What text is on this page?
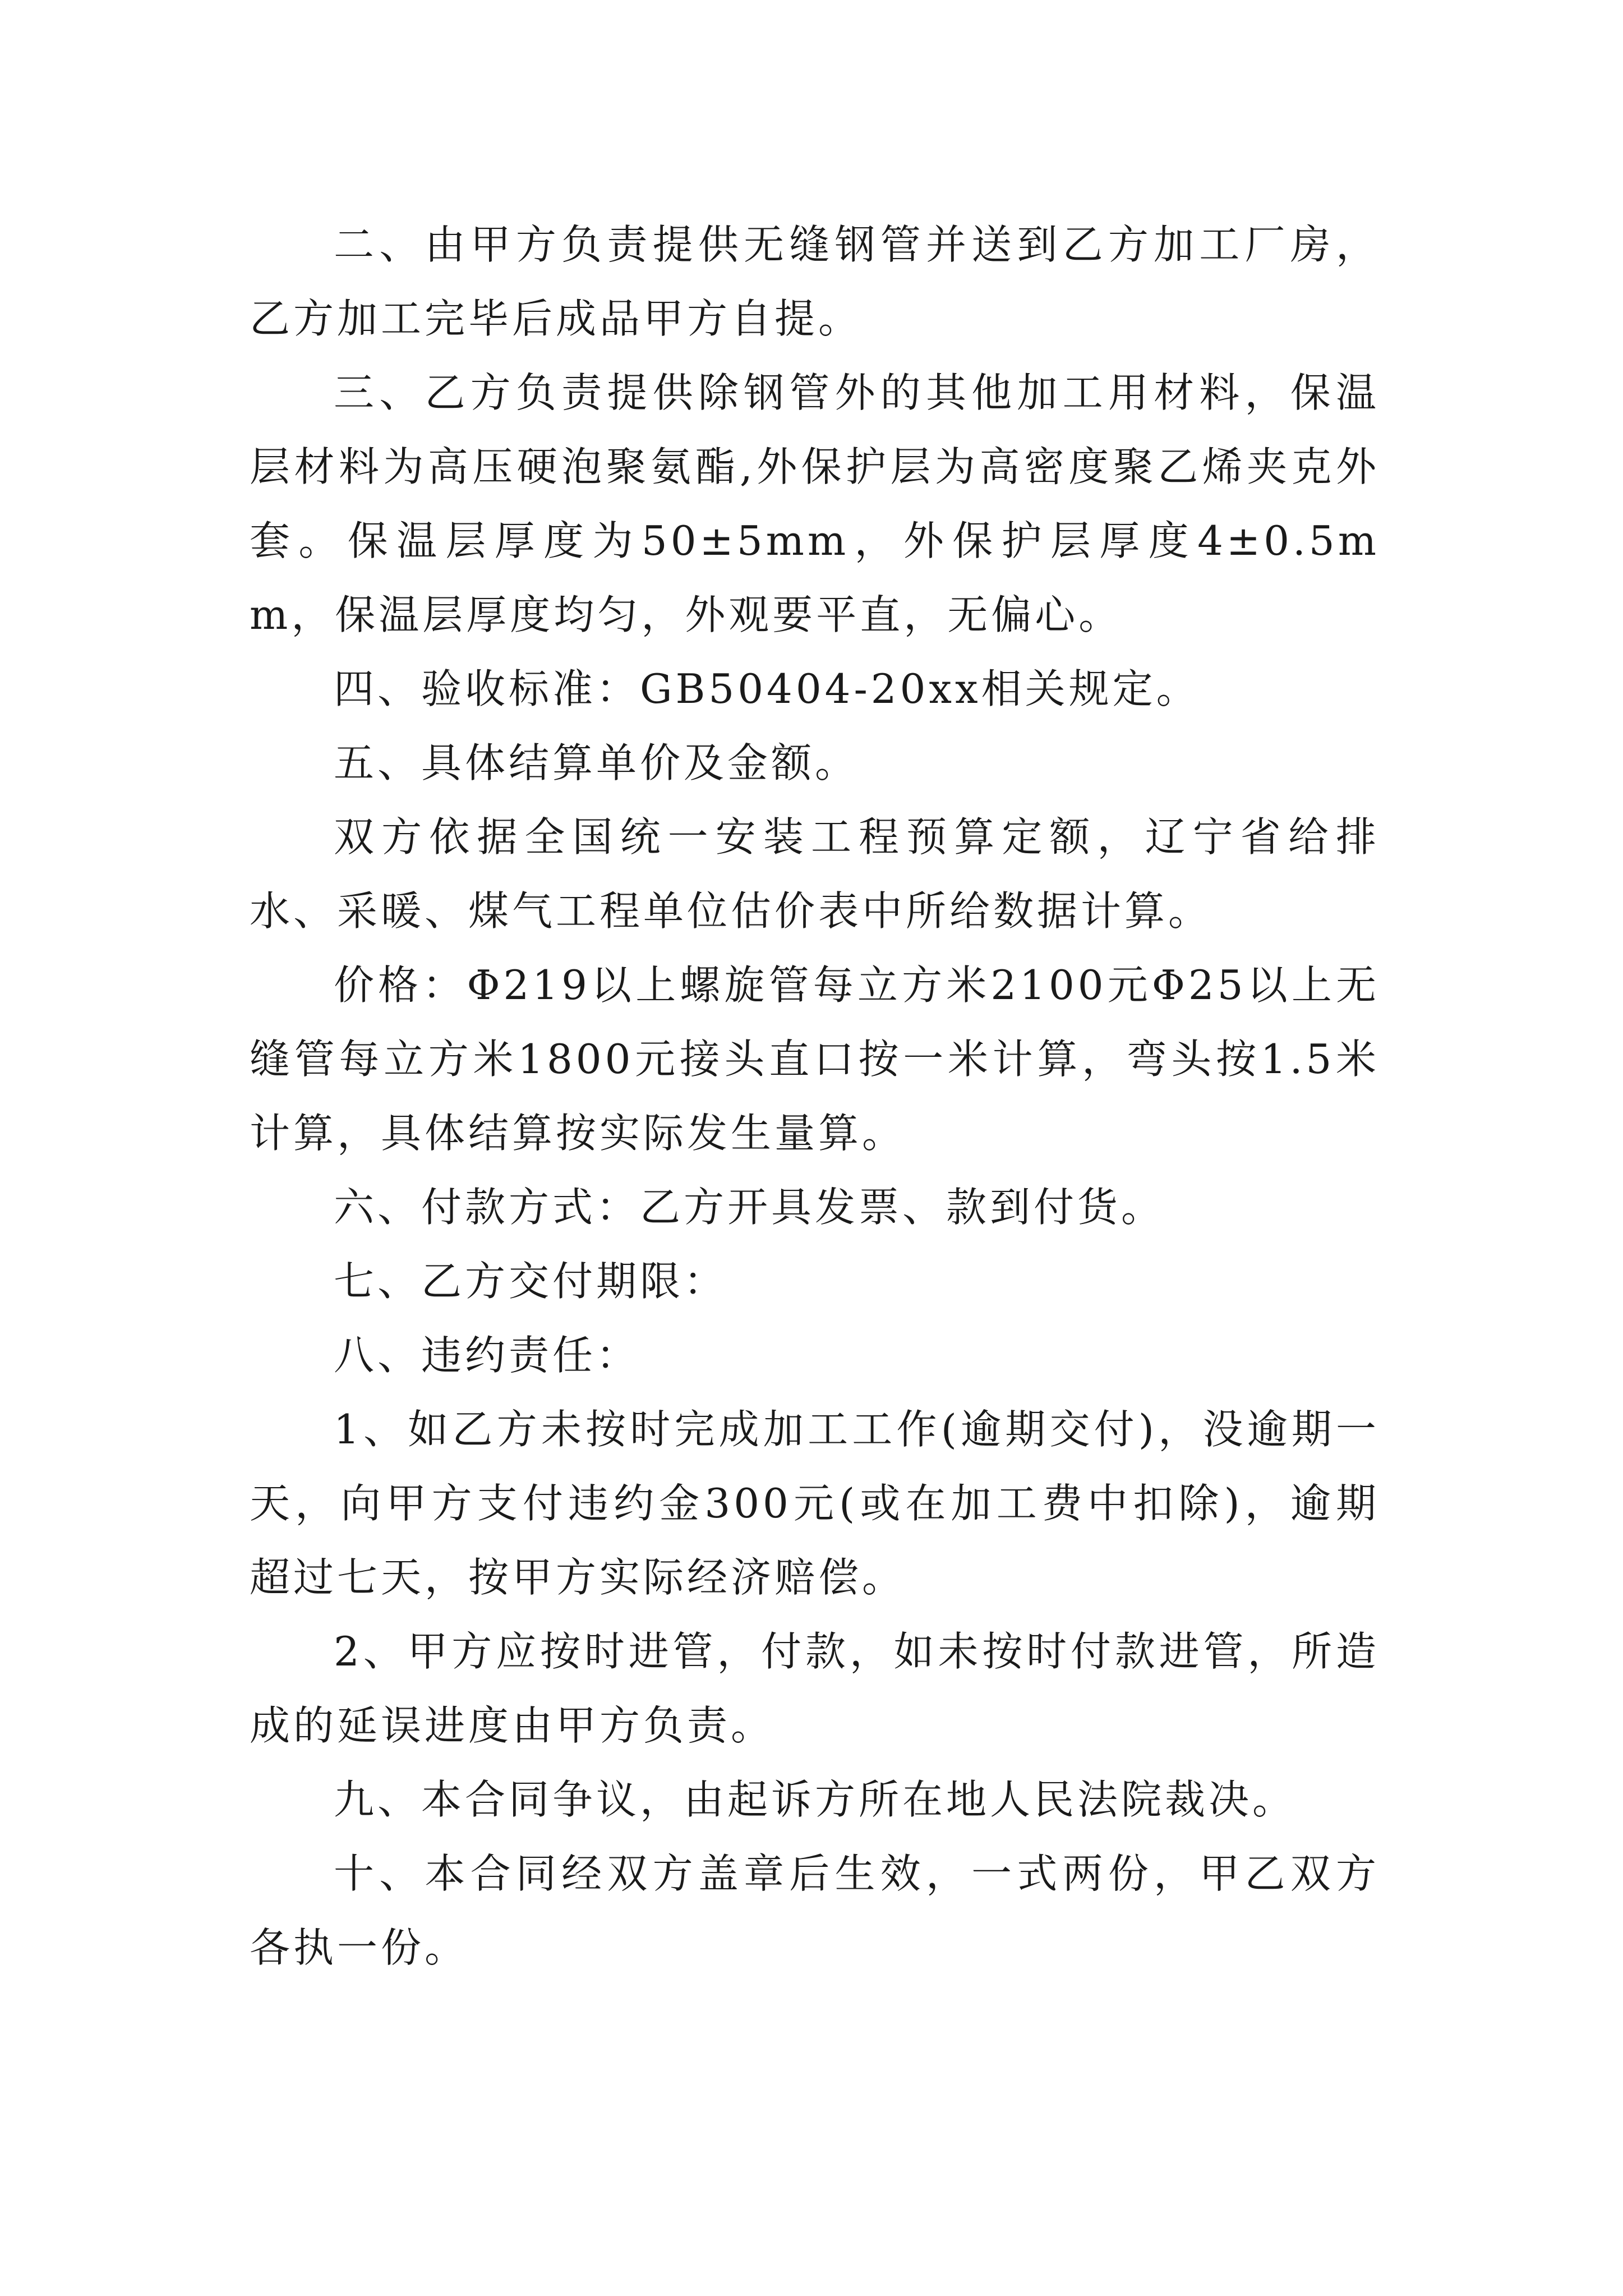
二、由甲方负责提供无缝钢管并送到乙方加工厂房，乙方加工完毕后成品甲方自提。

三、乙方负责提供除钢管外的其他加工用材料，保温层材料为高压硬泡聚氨酯,外保护层为高密度聚乙烯夹克外套。保温层厚度为50±5mm，外保护层厚度4±0.5mm，保温层厚度均匀，外观要平直，无偏心。

四、验收标准：GB50404-20xx相关规定。

五、具体结算单价及金额。

双方依据全国统一安装工程预算定额，辽宁省给排水、采暖、煤气工程单位估价表中所给数据计算。

价格：Φ219以上螺旋管每立方米2100元Φ25以上无缝管每立方米1800元接头直口按一米计算，弯头按1.5米计算，具体结算按实际发生量算。

六、付款方式：乙方开具发票、款到付货。

七、乙方交付期限：

八、违约责任：

1、如乙方未按时完成加工工作(逾期交付)，没逾期一天，向甲方支付违约金300元(或在加工费中扣除)，逾期超过七天，按甲方实际经济赔偿。

2、甲方应按时进管，付款，如未按时付款进管，所造成的延误进度由甲方负责。

九、本合同争议，由起诉方所在地人民法院裁决。

十、本合同经双方盖章后生效，一式两份，甲乙双方各执一份。
